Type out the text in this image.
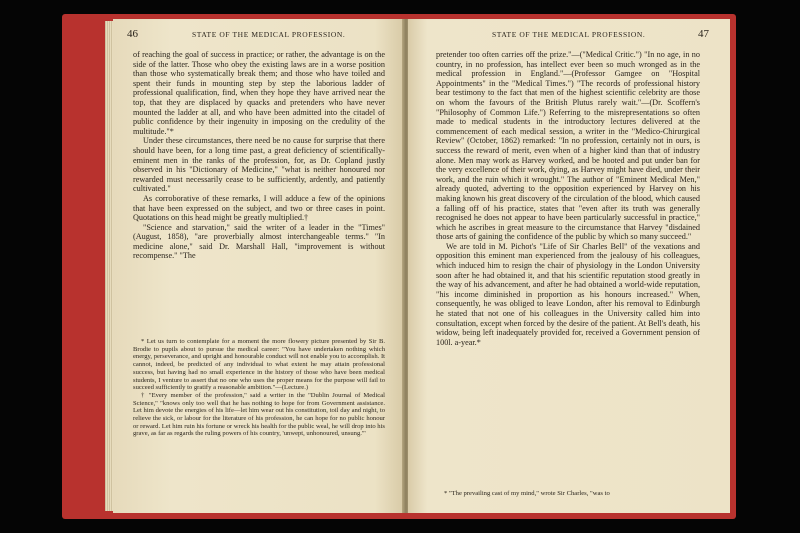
46	STATE OF THE MEDICAL PROFESSION.

of reaching the goal of success in practice; or rather, the advantage is on the side of the latter. Those who obey the existing laws are in a worse position than those who systematically break them; and those who have toiled and spent their funds in mounting step by step the laborious ladder of professional qualification, find, when they hope they have arrived near the top, that they are displaced by quacks and pretenders who have never mounted the ladder at all, and who have been admitted into the citadel of public confidence by their ingenuity in imposing on the credulity of the multitude."*

Under these circumstances, there need be no cause for surprise that there should have been, for a long time past, a great deficiency of scientifically-eminent men in the ranks of the profession, for, as Dr. Copland justly observed in his "Dictionary of Medicine," "what is neither honoured nor rewarded must necessarily cease to be sufficiently, ardently, and patiently cultivated."

As corroborative of these remarks, I will adduce a few of the opinions that have been expressed on the subject, and two or three cases in point. Quotations on this head might be greatly multiplied.†

"Science and starvation," said the writer of a leader in the "Times" (August, 1858), "are proverbially almost interchangeable terms." "In medicine alone," said Dr. Marshall Hall, "improvement is without recompense." "The

* Let us turn to contemplate for a moment the more flowery picture presented by Sir B. Brodie to pupils about to pursue the medical career: "You have undertaken nothing which energy, perseverance, and upright and honourable conduct will not enable you to accomplish. It cannot, indeed, be predicted of any individual to what extent he may attain professional success, but having had no small experience in the history of those who have been medical students, I venture to assert that no one who uses the proper means for the purpose will fail to succeed sufficiently to gratify a reasonable ambition."—(Lecture.)

† "Every member of the profession," said a writer in the "Dublin Journal of Medical Science," "knows only too well that he has nothing to hope for from Government assistance. Let him devote the energies of his life—let him wear out his constitution, toil day and night, to relieve the sick, or labour for the literature of his profession, he can hope for no public honour or reward. Let him ruin his fortune or wreck his health for the public weal, he will drop into his grave, as far as regards the ruling powers of his country, 'unwept, unhonoured, unsung.'"

STATE OF THE MEDICAL PROFESSION.	47

pretender too often carries off the prize."—("Medical Critic.") "In no age, in no country, in no profession, has intellect ever been so much wronged as in the medical profession in England."—(Professor Gamgee on "Hospital Appointments" in the "Medical Times.") "The records of professional history bear testimony to the fact that men of the highest scientific celebrity are those on whom the favours of the British Plutus rarely wait."—(Dr. Scoffern's "Philosophy of Common Life.") Referring to the misrepresentations so often made to medical students in the introductory lectures delivered at the commencement of each medical session, a writer in the "Medico-Chirurgical Review" (October, 1862) remarked: "In no profession, certainly not in ours, is success the reward of merit, even when of a higher kind than that of industry alone. Men may work as Harvey worked, and be hooted and put under ban for the very excellence of their work, dying, as Harvey might have died, under their work, and the ruin which it wrought." The author of "Eminent Medical Men," already quoted, adverting to the opposition experienced by Harvey on his making known his great discovery of the circulation of the blood, which caused a falling off of his practice, states that "even after its truth was generally recognised he does not appear to have been particularly successful in practice," which he ascribes in great measure to the circumstance that Harvey "disdained those arts of gaining the confidence of the public by which so many succeed."

We are told in M. Pichot's "Life of Sir Charles Bell" of the vexations and opposition this eminent man experienced from the jealousy of his colleagues, which induced him to resign the chair of physiology in the London University soon after he had obtained it, and that his scientific reputation stood greatly in the way of his advancement, and after he had obtained a world-wide reputation, "his income diminished in proportion as his honours increased." When, consequently, he was obliged to leave London, after his removal to Edinburgh he stated that not one of his colleagues in the University called him into consultation, except when forced by the desire of the patient. At Bell's death, his widow, being left inadequately provided for, received a Government pension of 100l. a-year.*

* "The prevailing cast of my mind," wrote Sir Charles, "was to
